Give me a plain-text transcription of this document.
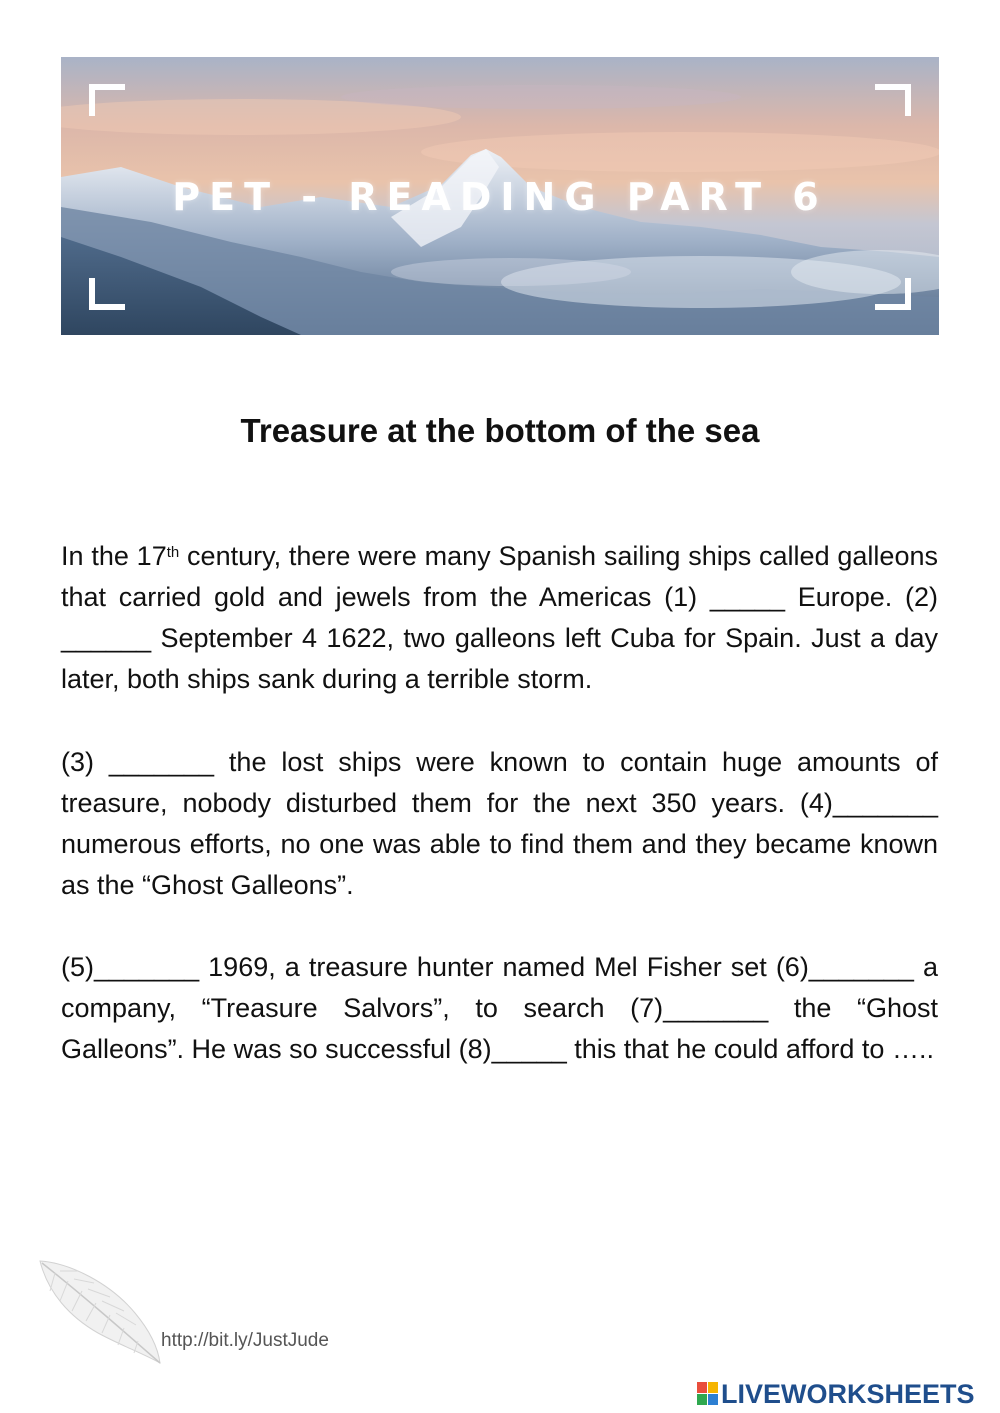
PET - READING PART 6
Treasure at the bottom of the sea

In the 17th century, there were many Spanish sailing ships called galleons that carried gold and jewels from the Americas (1) _____ Europe. (2) ______ September 4 1622, two galleons left Cuba for Spain. Just a day later, both ships sank during a terrible storm.

(3) _______ the lost ships were known to contain huge amounts of treasure, nobody disturbed them for the next 350 years. (4)_______ numerous efforts, no one was able to find them and they became known as the “Ghost Galleons”.

(5)_______ 1969, a treasure hunter named Mel Fisher set (6)_______ a company, “Treasure Salvors”, to search (7)_______ the “Ghost Galleons”. He was so successful (8)_____ this that he could afford to …..

http://bit.ly/JustJude
LIVEWORKSHEETS
